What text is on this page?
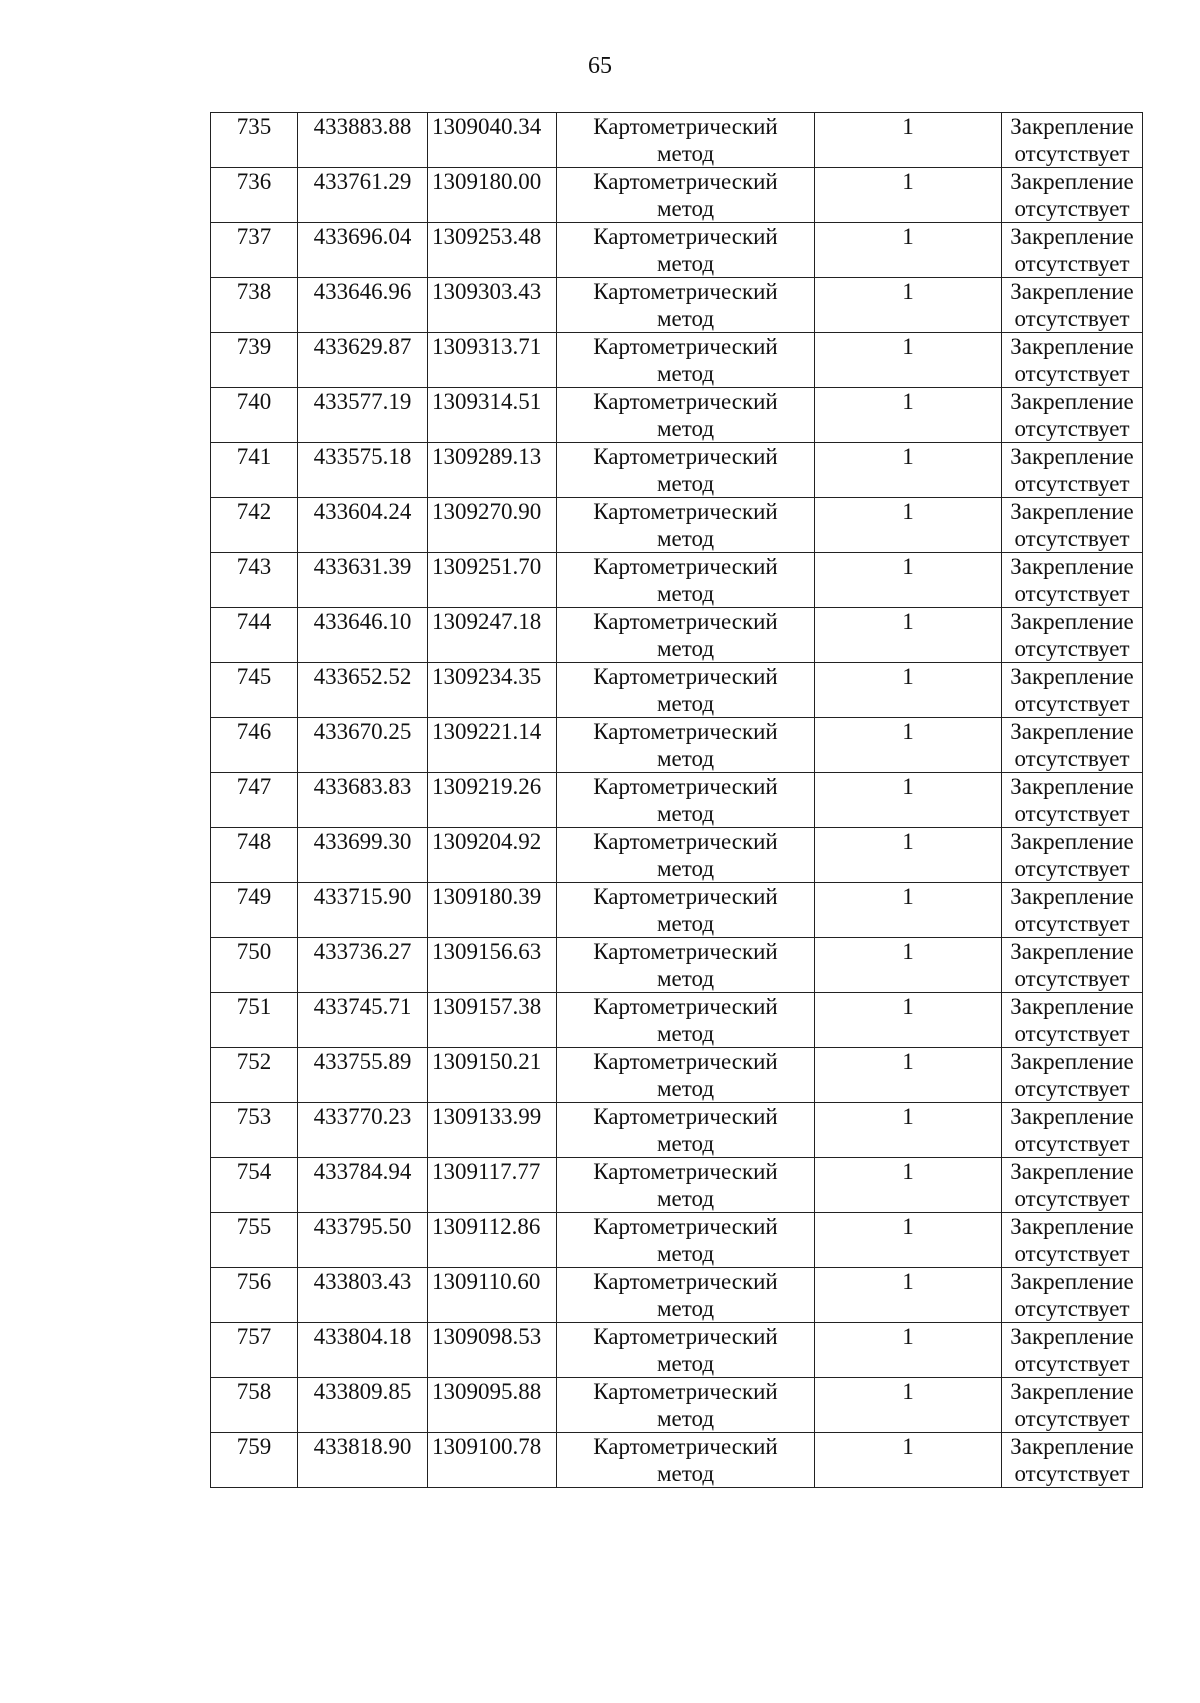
65
735	433883.88	1309040.34	Картометрический
метод	1	Закрепление
отсутствует

736	433761.29	1309180.00	Картометрический
метод	1	Закрепление
отсутствует

737	433696.04	1309253.48	Картометрический
метод	1	Закрепление
отсутствует

738	433646.96	1309303.43	Картометрический
метод	1	Закрепление
отсутствует

739	433629.87	1309313.71	Картометрический
метод	1	Закрепление
отсутствует

740	433577.19	1309314.51	Картометрический
метод	1	Закрепление
отсутствует

741	433575.18	1309289.13	Картометрический
метод	1	Закрепление
отсутствует

742	433604.24	1309270.90	Картометрический
метод	1	Закрепление
отсутствует

743	433631.39	1309251.70	Картометрический
метод	1	Закрепление
отсутствует

744	433646.10	1309247.18	Картометрический
метод	1	Закрепление
отсутствует

745	433652.52	1309234.35	Картометрический
метод	1	Закрепление
отсутствует

746	433670.25	1309221.14	Картометрический
метод	1	Закрепление
отсутствует

747	433683.83	1309219.26	Картометрический
метод	1	Закрепление
отсутствует

748	433699.30	1309204.92	Картометрический
метод	1	Закрепление
отсутствует

749	433715.90	1309180.39	Картометрический
метод	1	Закрепление
отсутствует

750	433736.27	1309156.63	Картометрический
метод	1	Закрепление
отсутствует

751	433745.71	1309157.38	Картометрический
метод	1	Закрепление
отсутствует

752	433755.89	1309150.21	Картометрический
метод	1	Закрепление
отсутствует

753	433770.23	1309133.99	Картометрический
метод	1	Закрепление
отсутствует

754	433784.94	1309117.77	Картометрический
метод	1	Закрепление
отсутствует

755	433795.50	1309112.86	Картометрический
метод	1	Закрепление
отсутствует

756	433803.43	1309110.60	Картометрический
метод	1	Закрепление
отсутствует

757	433804.18	1309098.53	Картометрический
метод	1	Закрепление
отсутствует

758	433809.85	1309095.88	Картометрический
метод	1	Закрепление
отсутствует

759	433818.90	1309100.78	Картометрический
метод	1	Закрепление
отсутствует
